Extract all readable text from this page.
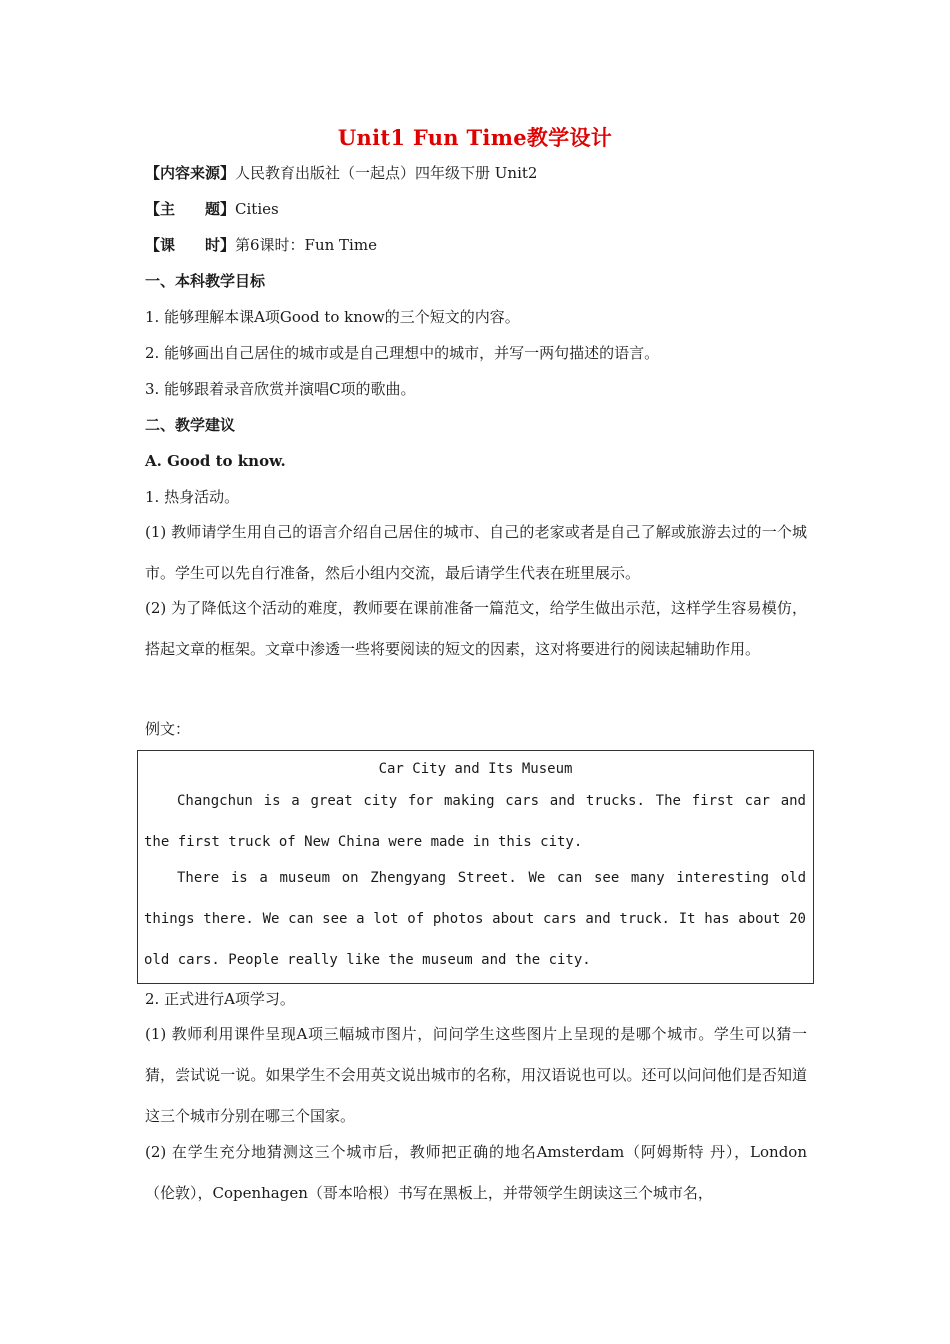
Unit1 Fun Time教学设计
【内容来源】人民教育出版社（一起点）四年级下册 Unit2
【主　　题】Cities
【课　　时】第6课时：Fun Time
一、本科教学目标
1. 能够理解本课A项Good to know的三个短文的内容。
2. 能够画出自己居住的城市或是自己理想中的城市，并写一两句描述的语言。
3. 能够跟着录音欣赏并演唱C项的歌曲。
二、教学建议
A. Good to know.
1. 热身活动。
(1) 教师请学生用自己的语言介绍自己居住的城市、自己的老家或者是自己了解或旅游去过的一个城市。学生可以先自行准备，然后小组内交流，最后请学生代表在班里展示。
(2) 为了降低这个活动的难度，教师要在课前准备一篇范文，给学生做出示范，这样学生容易模仿，搭起文章的框架。文章中渗透一些将要阅读的短文的因素，这对将要进行的阅读起辅助作用。
例文：
Car City and Its Museum
Changchun is a great city for making cars and trucks. The first car and the first truck of New China were made in this city.
There is a museum on Zhengyang Street. We can see many interesting old things there. We can see a lot of photos about cars and truck. It has about 20 old cars. People really like the museum and the city.
2. 正式进行A项学习。
(1) 教师利用课件呈现A项三幅城市图片，问问学生这些图片上呈现的是哪个城市。学生可以猜一猜，尝试说一说。如果学生不会用英文说出城市的名称，用汉语说也可以。还可以问问他们是否知道这三个城市分别在哪三个国家。
(2) 在学生充分地猜测这三个城市后，教师把正确的地名Amsterdam（阿姆斯特 丹），London（伦敦），Copenhagen（哥本哈根）书写在黑板上，并带领学生朗读这三个城市名，
